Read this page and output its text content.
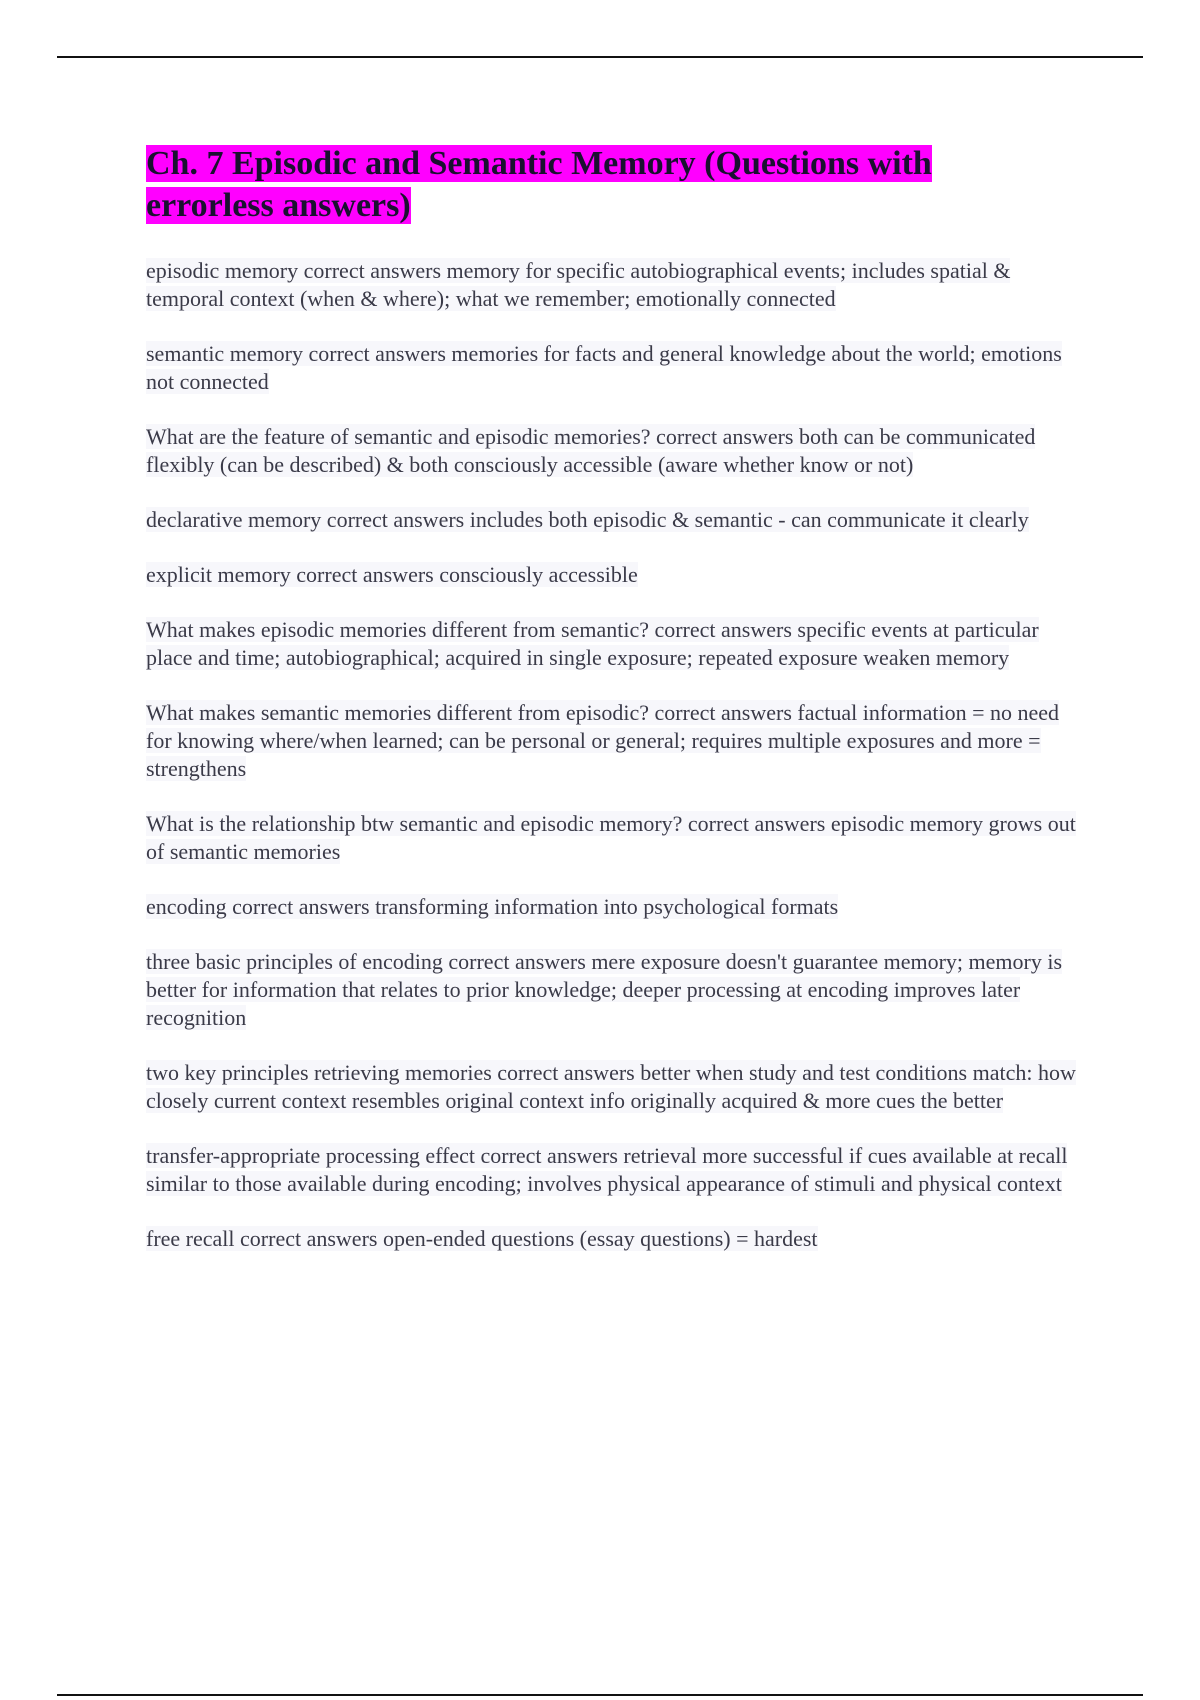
Ch. 7 Episodic and Semantic Memory (Questions with errorless answers)

episodic memory correct answers memory for specific autobiographical events; includes spatial & temporal context (when & where); what we remember; emotionally connected

semantic memory correct answers memories for facts and general knowledge about the world; emotions not connected

What are the feature of semantic and episodic memories? correct answers both can be communicated flexibly (can be described) & both consciously accessible (aware whether know or not)

declarative memory correct answers includes both episodic & semantic - can communicate it clearly

explicit memory correct answers consciously accessible

What makes episodic memories different from semantic? correct answers specific events at particular place and time; autobiographical; acquired in single exposure; repeated exposure weaken memory

What makes semantic memories different from episodic? correct answers factual information = no need for knowing where/when learned; can be personal or general; requires multiple exposures and more = strengthens

What is the relationship btw semantic and episodic memory? correct answers episodic memory grows out of semantic memories

encoding correct answers transforming information into psychological formats

three basic principles of encoding correct answers mere exposure doesn't guarantee memory; memory is better for information that relates to prior knowledge; deeper processing at encoding improves later recognition

two key principles retrieving memories correct answers better when study and test conditions match: how closely current context resembles original context info originally acquired & more cues the better

transfer-appropriate processing effect correct answers retrieval more successful if cues available at recall similar to those available during encoding; involves physical appearance of stimuli and physical context

free recall correct answers open-ended questions (essay questions) = hardest
